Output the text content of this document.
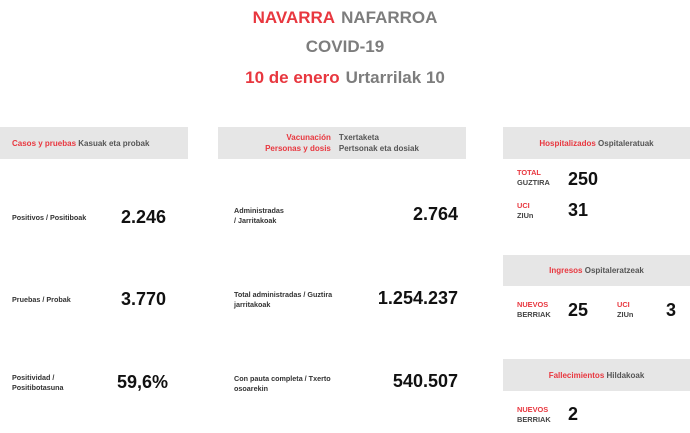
NAVARRA NAFARROA
COVID-19
10 de enero Urtarrilak 10
Casos y pruebas
Kasuak eta probak
Positivos / Positiboak 2.246
Pruebas / Probak	3.770
Positividad /
Positibotasuna	59,6%
Vacunación
Personas y dosis
Txertaketa
Pertsonak eta dosiak
Administradas
/ Jarritakoak	2.764
Total administradas / Guztira
jarritakoak	1.254.237
Con pauta completa / Txerto
osoarekin	540.507
Hospitalizados
Ospitaleratuak
TOTAL
GUZTIRA 250
UCI
ZIUn 31
Ingresos
Ospitaleratzeak
NUEVOS
BERRIAK 25	UCI
ZIUn 3
Fallecimientos
Hildakoak
NUEVOS
BERRIAK 2
